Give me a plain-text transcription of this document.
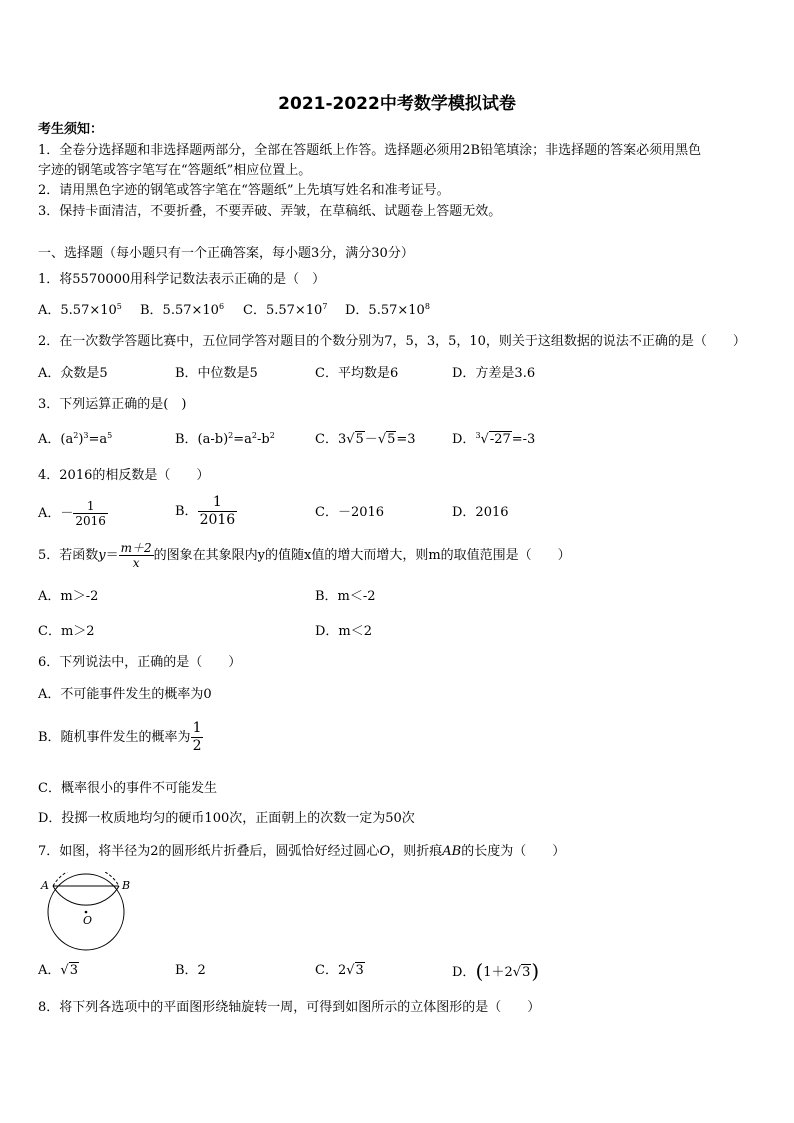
2021-2022中考数学模拟试卷
考生须知：
1．全卷分选择题和非选择题两部分，全部在答题纸上作答。选择题必须用2B铅笔填涂；非选择题的答案必须用黑色
字迹的钢笔或答字笔写在“答题纸”相应位置上。
2．请用黑色字迹的钢笔或答字笔在“答题纸”上先填写姓名和准考证号。
3．保持卡面清洁，不要折叠，不要弄破、弄皱，在草稿纸、试题卷上答题无效。
一、选择题（每小题只有一个正确答案，每小题3分，满分30分）
1．将5570000用科学记数法表示正确的是（　）
A．$5.57\times 10^5$ B．$5.57\times 10^6$ C．$5.57\times 10^7$ D．$5.57\times 10^8$
2．在一次数学答题比赛中，五位同学答对题目的个数分别为7，5，3，5，10，则关于这组数据的说法不正确的是（　　）
A．众数是5	B．中位数是5	C．平均数是6	D．方差是3.6
3．下列运算正确的是(　)
A．$(a^2)^3=a^5$	B．$(a-b)^2=a^2-b^2$	C．3√5－√5=3	D．$^3$√-27=-3
4．2016的相反数是（　　）
A．－ $\frac{1}{2016}$	B． $\frac{1}{2016}$	C．－2016	D．2016
5．若函数$y= \frac{m+2}{x}$ 的图象在其象限内y的值随x值的增大而增大，则m的取值范围是（　　）
A．m＞-2	B．m＜-2
C．m＞2	D．m＜2
6．下列说法中，正确的是（　　）
A．不可能事件发生的概率为0
B．随机事件发生的概率为 $\frac{1}{2}$
C．概率很小的事件不可能发生
D．投掷一枚质地均匀的硬币100次，正面朝上的次数一定为50次
7．如图，将半径为2的圆形纸片折叠后，圆弧恰好经过圆心O，则折痕AB的长度为（　　）
A	B
O
A．√3	B．2	C．2√3	D．(1＋2√3)
8．将下列各选项中的平面图形绕轴旋转一周，可得到如图所示的立体图形的是（　　）
